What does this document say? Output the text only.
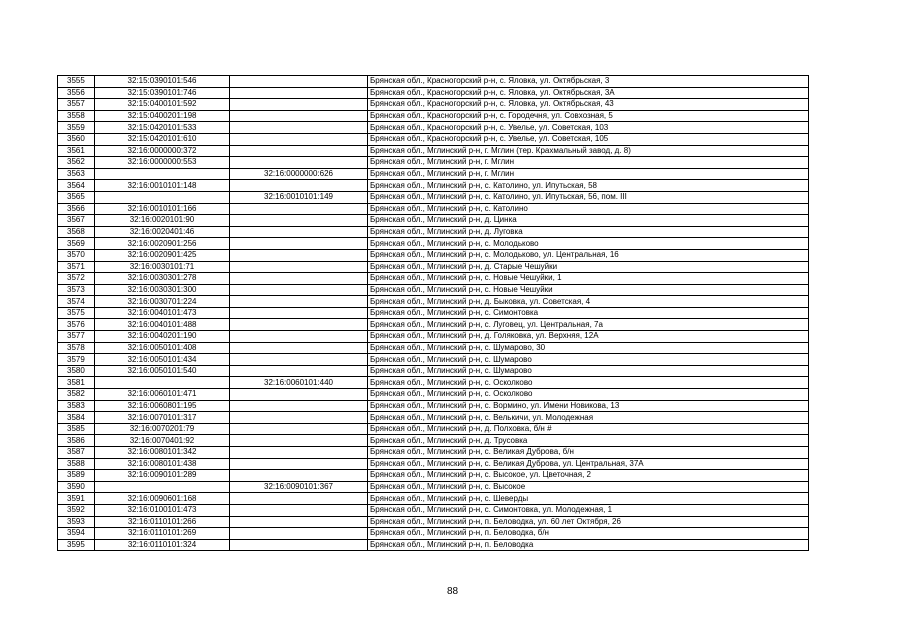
3555	32:15:0390101:546		Брянская обл., Красногорский р-н, с. Яловка, ул. Октябрьская, 3
3556	32:15:0390101:746		Брянская обл., Красногорский р-н, с. Яловка, ул. Октябрьская, 3А
3557	32:15:0400101:592		Брянская обл., Красногорский р-н, с. Яловка, ул. Октябрьская, 43
3558	32:15:0400201:198		Брянская обл., Красногорский р-н, с. Городечня, ул. Совхозная, 5
3559	32:15:0420101:533		Брянская обл., Красногорский р-н, с. Увелье, ул. Советская, 103
3560	32:15:0420101:610		Брянская обл., Красногорский р-н, с. Увелье, ул. Советская, 105
3561	32:16:0000000:372		Брянская обл., Мглинский р-н, г. Мглин (тер. Крахмальный завод, д. 8)
3562	32:16:0000000:553		Брянская обл., Мглинский р-н, г. Мглин
3563		32:16:0000000:626	Брянская обл., Мглинский р-н, г. Мглин
3564	32:16:0010101:148		Брянская обл., Мглинский р-н, с. Католино, ул. Ипутьская, 58
3565		32:16:0010101:149	Брянская обл., Мглинский р-н, с. Католино, ул. Ипутьская, 56, пом. III
3566	32:16:0010101:166		Брянская обл., Мглинский р-н, с. Католино
3567	32:16:0020101:90		Брянская обл., Мглинский р-н, д. Цинка
3568	32:16:0020401:46		Брянская обл., Мглинский р-н, д. Луговка
3569	32:16:0020901:256		Брянская обл., Мглинский р-н, с. Молодьково
3570	32:16:0020901:425		Брянская обл., Мглинский р-н, с. Молодьково, ул. Центральная, 16
3571	32:16:0030101:71		Брянская обл., Мглинский р-н, д. Старые Чешуйки
3572	32:16:0030301:278		Брянская обл., Мглинский р-н, с. Новые Чешуйки, 1
3573	32:16:0030301:300		Брянская обл., Мглинский р-н, с. Новые Чешуйки
3574	32:16:0030701:224		Брянская обл., Мглинский р-н, д. Быковка, ул. Советская, 4
3575	32:16:0040101:473		Брянская обл., Мглинский р-н, с. Симонтовка
3576	32:16:0040101:488		Брянская обл., Мглинский р-н, с. Луговец, ул. Центральная, 7а
3577	32:16:0040201:190		Брянская обл., Мглинский р-н, д. Голяковка, ул. Верхняя, 12А
3578	32:16:0050101:408		Брянская обл., Мглинский р-н, с. Шумарово, 30
3579	32:16:0050101:434		Брянская обл., Мглинский р-н, с. Шумарово
3580	32:16:0050101:540		Брянская обл., Мглинский р-н, с. Шумарово
3581		32:16:0060101:440	Брянская обл., Мглинский р-н, с. Осколково
3582	32:16:0060101:471		Брянская обл., Мглинский р-н, с. Осколково
3583	32:16:0060801:195		Брянская обл., Мглинский р-н, с. Вормино, ул. Имени Новикова, 13
3584	32:16:0070101:317		Брянская обл., Мглинский р-н, с. Велькичи, ул. Молодежная
3585	32:16:0070201:79		Брянская обл., Мглинский р-н, д. Полховка, б/н #
3586	32:16:0070401:92		Брянская обл., Мглинский р-н, д. Трусовка
3587	32:16:0080101:342		Брянская обл., Мглинский р-н, с. Великая Дуброва, б/н
3588	32:16:0080101:438		Брянская обл., Мглинский р-н, с. Великая Дуброва, ул. Центральная, 37А
3589	32:16:0090101:289		Брянская обл., Мглинский р-н, с. Высокое, ул. Цветочная, 2
3590		32:16:0090101:367	Брянская обл., Мглинский р-н, с. Высокое
3591	32:16:0090601:168		Брянская обл., Мглинский р-н, с. Шеверды
3592	32:16:0100101:473		Брянская обл., Мглинский р-н, с. Симонтовка, ул. Молодежная, 1
3593	32:16:0110101:266		Брянская обл., Мглинский р-н, п. Беловодка, ул. 60 лет Октября, 26
3594	32:16:0110101:269		Брянская обл., Мглинский р-н, п. Беловодка, б/н
3595	32:16:0110101:324		Брянская обл., Мглинский р-н, п. Беловодка
88
